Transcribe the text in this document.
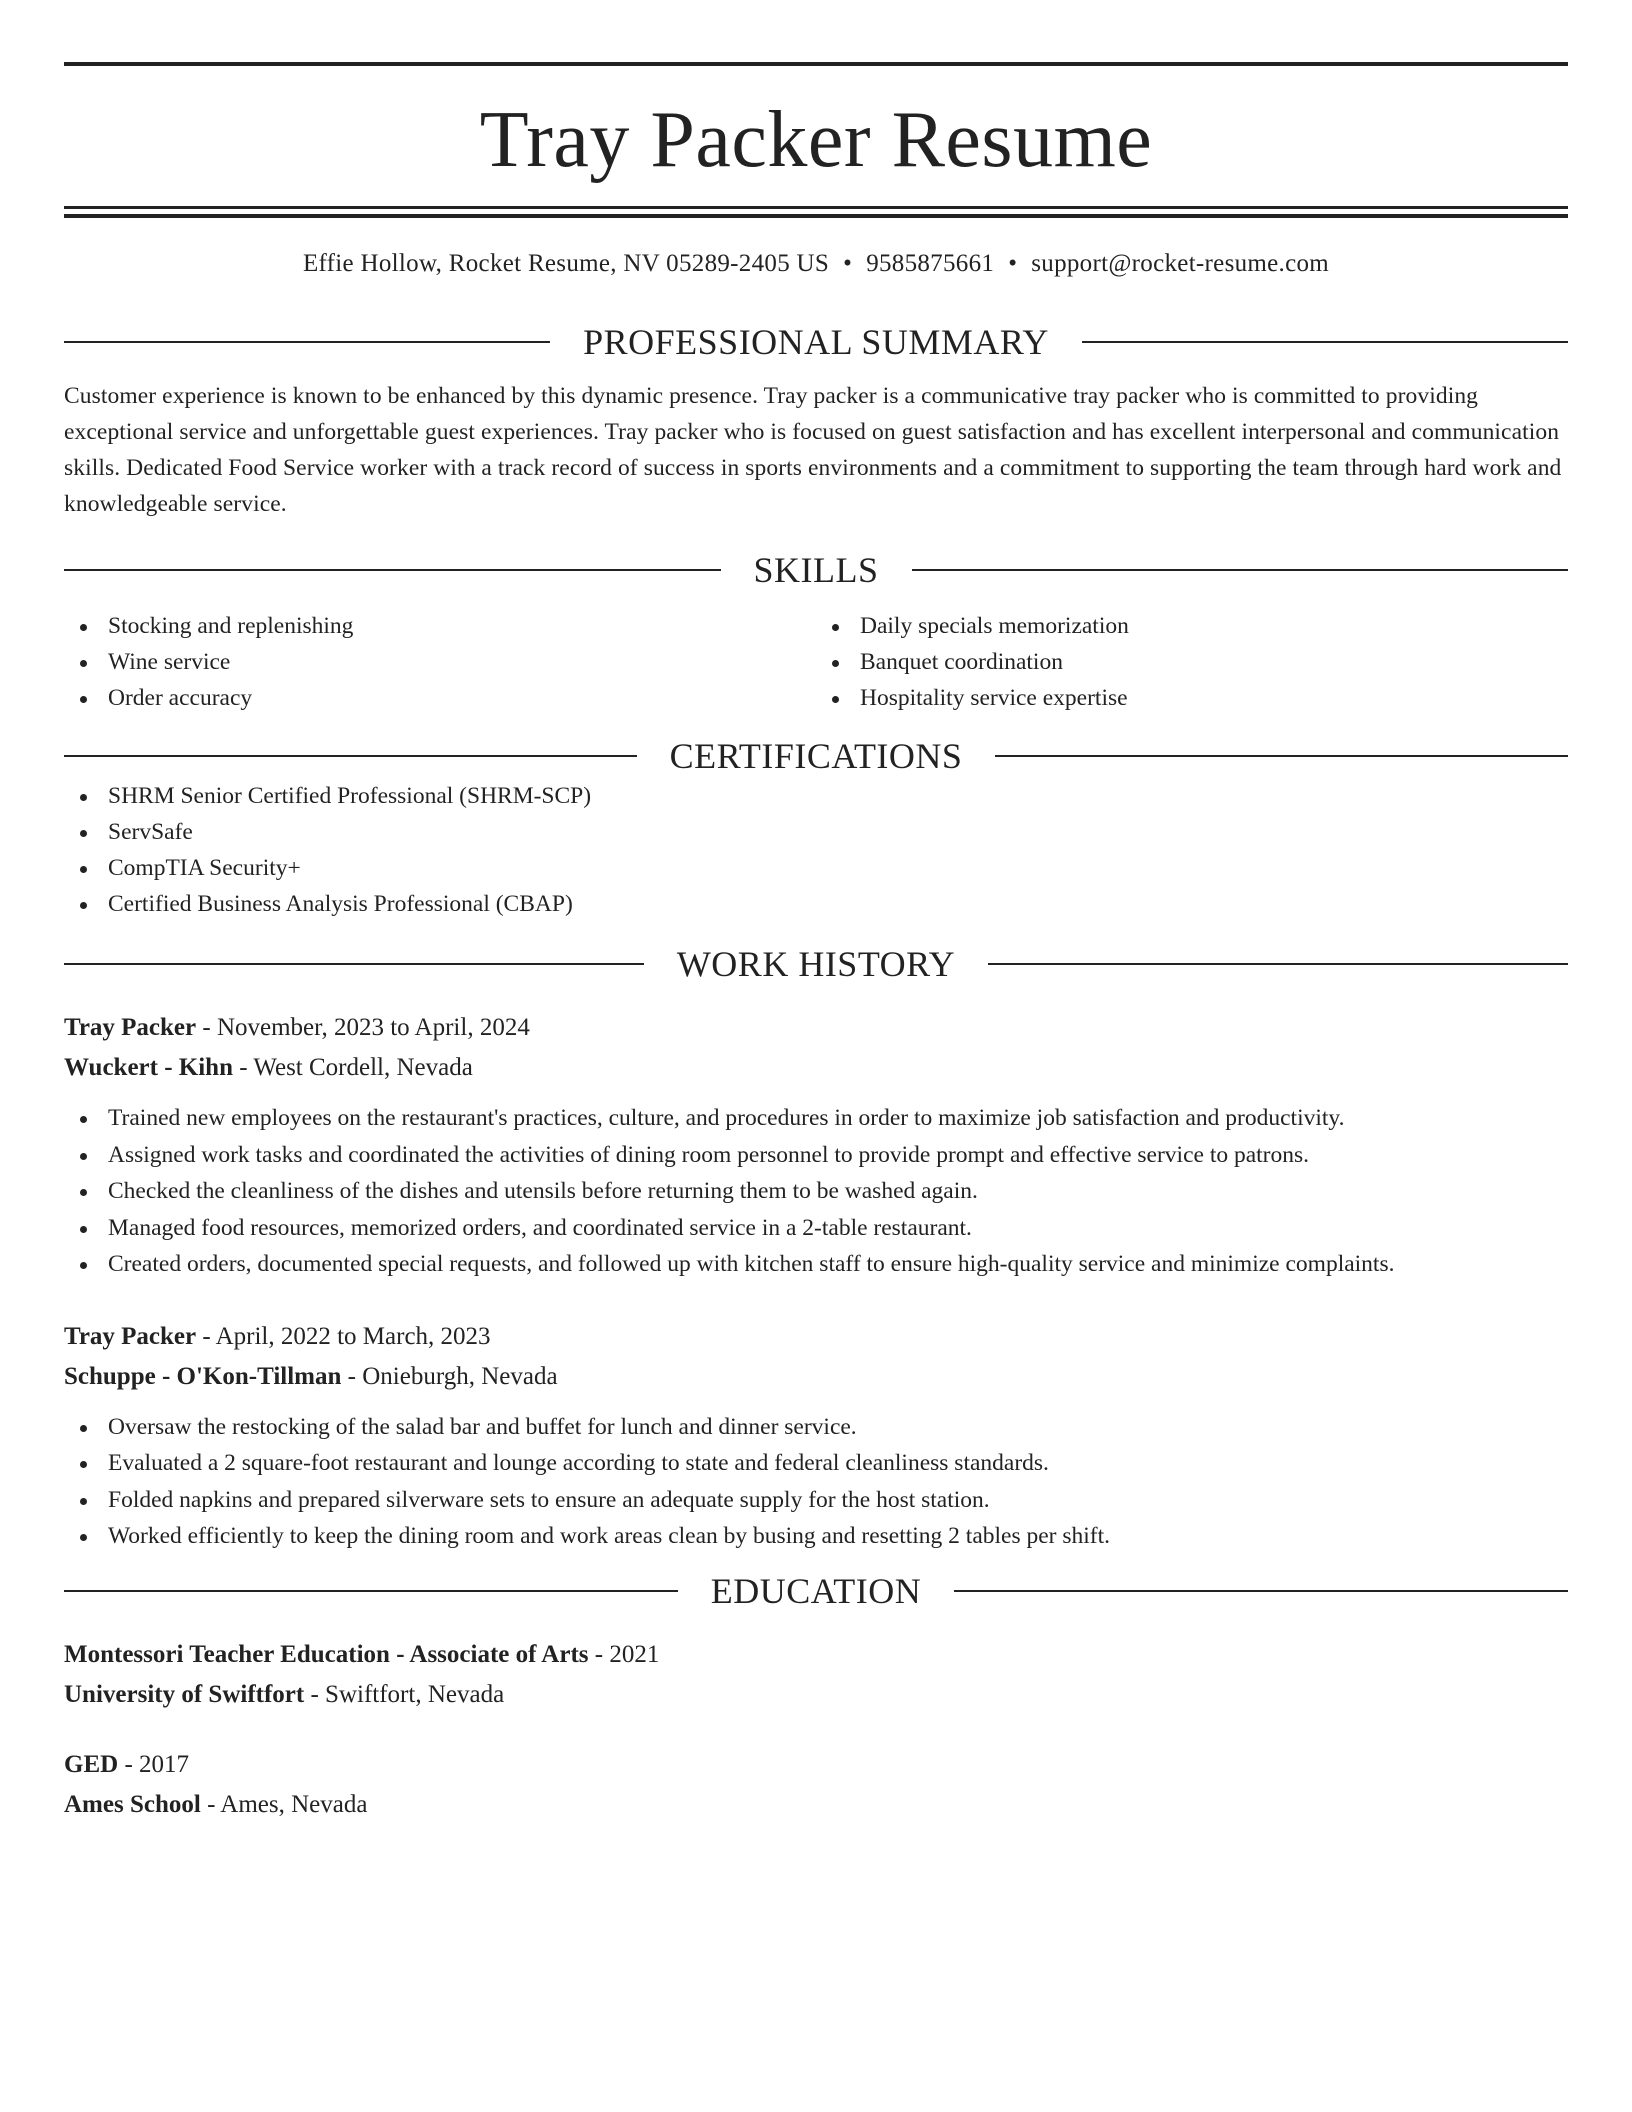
Tray Packer Resume
Effie Hollow, Rocket Resume, NV 05289-2405 US • 9585875661 • support@rocket-resume.com
PROFESSIONAL SUMMARY
Customer experience is known to be enhanced by this dynamic presence. Tray packer is a communicative tray packer who is committed to providing exceptional service and unforgettable guest experiences. Tray packer who is focused on guest satisfaction and has excellent interpersonal and communication skills. Dedicated Food Service worker with a track record of success in sports environments and a commitment to supporting the team through hard work and knowledgeable service.
SKILLS
Stocking and replenishing
Wine service
Order accuracy
Daily specials memorization
Banquet coordination
Hospitality service expertise
CERTIFICATIONS
SHRM Senior Certified Professional (SHRM-SCP)
ServSafe
CompTIA Security+
Certified Business Analysis Professional (CBAP)
WORK HISTORY
Tray Packer - November, 2023 to April, 2024
Wuckert - Kihn - West Cordell, Nevada
Trained new employees on the restaurant's practices, culture, and procedures in order to maximize job satisfaction and productivity.
Assigned work tasks and coordinated the activities of dining room personnel to provide prompt and effective service to patrons.
Checked the cleanliness of the dishes and utensils before returning them to be washed again.
Managed food resources, memorized orders, and coordinated service in a 2-table restaurant.
Created orders, documented special requests, and followed up with kitchen staff to ensure high-quality service and minimize complaints.
Tray Packer - April, 2022 to March, 2023
Schuppe - O'Kon-Tillman - Onieburgh, Nevada
Oversaw the restocking of the salad bar and buffet for lunch and dinner service.
Evaluated a 2 square-foot restaurant and lounge according to state and federal cleanliness standards.
Folded napkins and prepared silverware sets to ensure an adequate supply for the host station.
Worked efficiently to keep the dining room and work areas clean by busing and resetting 2 tables per shift.
EDUCATION
Montessori Teacher Education - Associate of Arts - 2021
University of Swiftfort - Swiftfort, Nevada
GED - 2017
Ames School - Ames, Nevada
